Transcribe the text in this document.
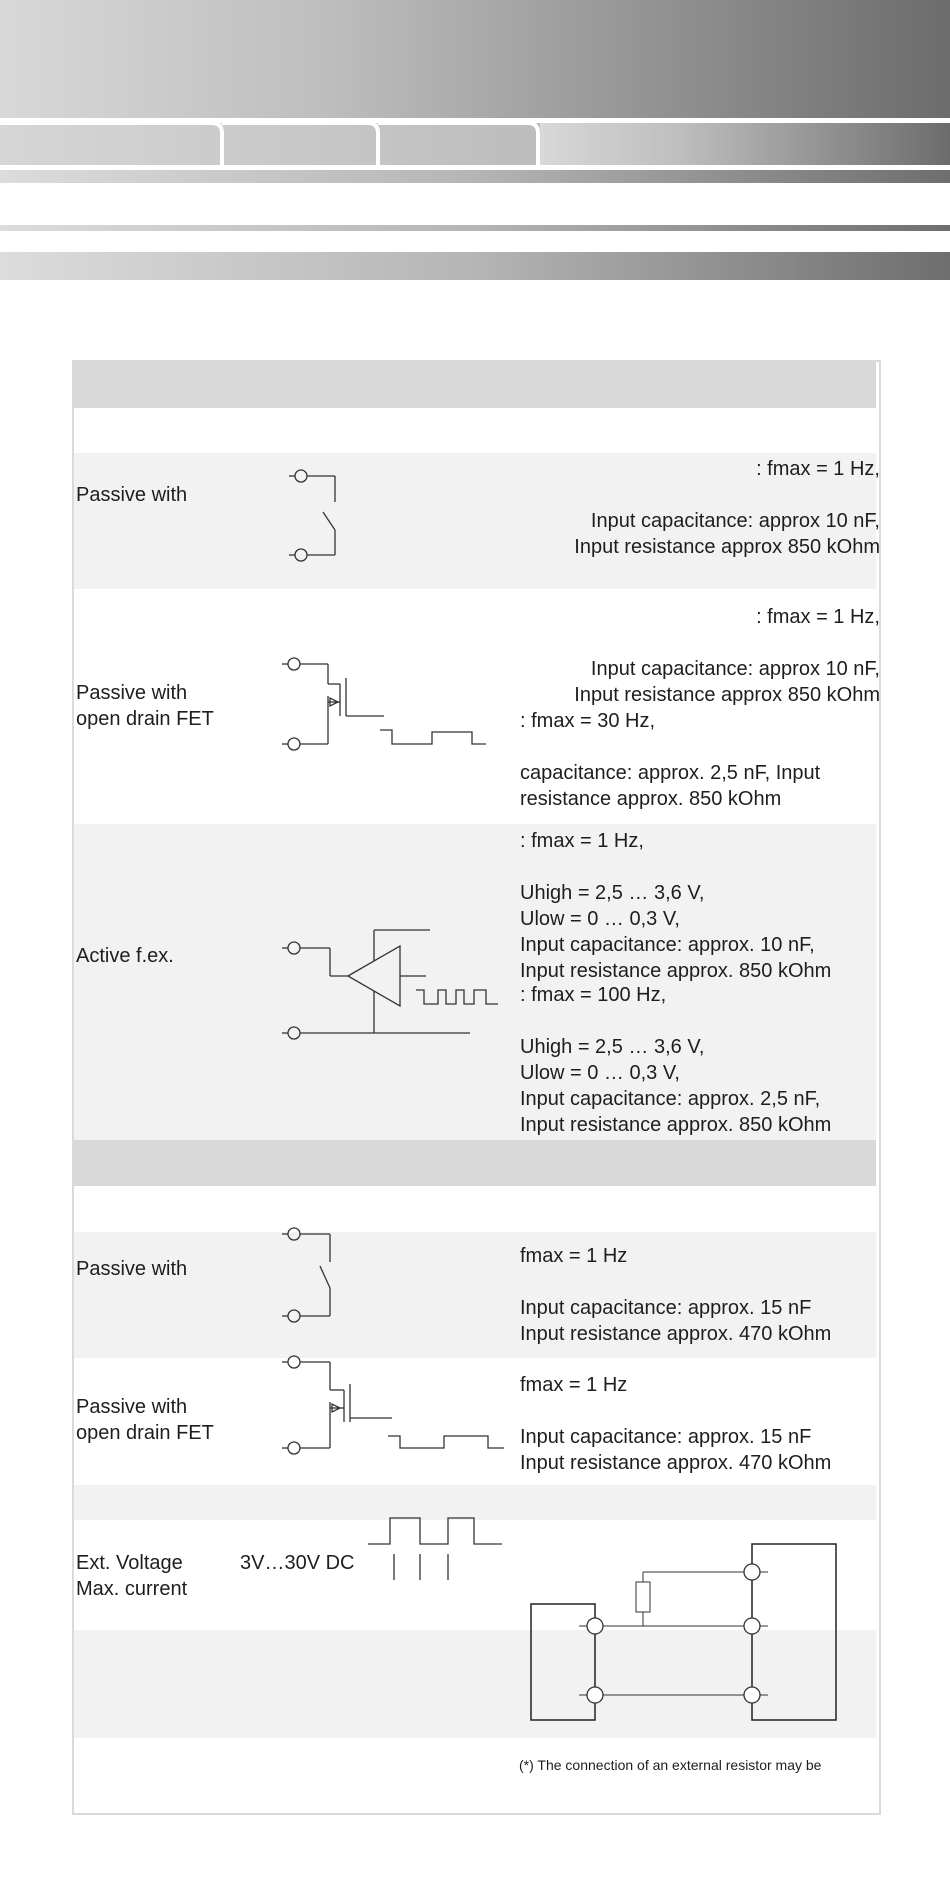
Passive with
: fmax = 1 Hz,

Input capacitance: approx 10 nF,
Input resistance approx 850 kOhm
Passive with
open drain FET
: fmax = 1 Hz,

Input capacitance: approx 10 nF,
Input resistance approx 850 kOhm
: fmax = 30 Hz,

capacitance: approx. 2,5 nF, Input
resistance approx. 850 kOhm
Active f.ex.
: fmax = 1 Hz,

Uhigh = 2,5 … 3,6 V,
Ulow = 0 … 0,3 V,
Input capacitance: approx. 10 nF,
Input resistance approx. 850 kOhm
: fmax = 100 Hz,

Uhigh = 2,5 … 3,6 V,
Ulow = 0 … 0,3 V,
Input capacitance: approx. 2,5 nF,
Input resistance approx. 850 kOhm
Passive with
fmax = 1 Hz

Input capacitance: approx. 15 nF
Input resistance approx. 470 kOhm
Passive with
open drain FET
fmax = 1 Hz

Input capacitance: approx. 15 nF
Input resistance approx. 470 kOhm
Ext. Voltage
Max. current
3V…30V DC
(*) The connection of an external resistor may be
